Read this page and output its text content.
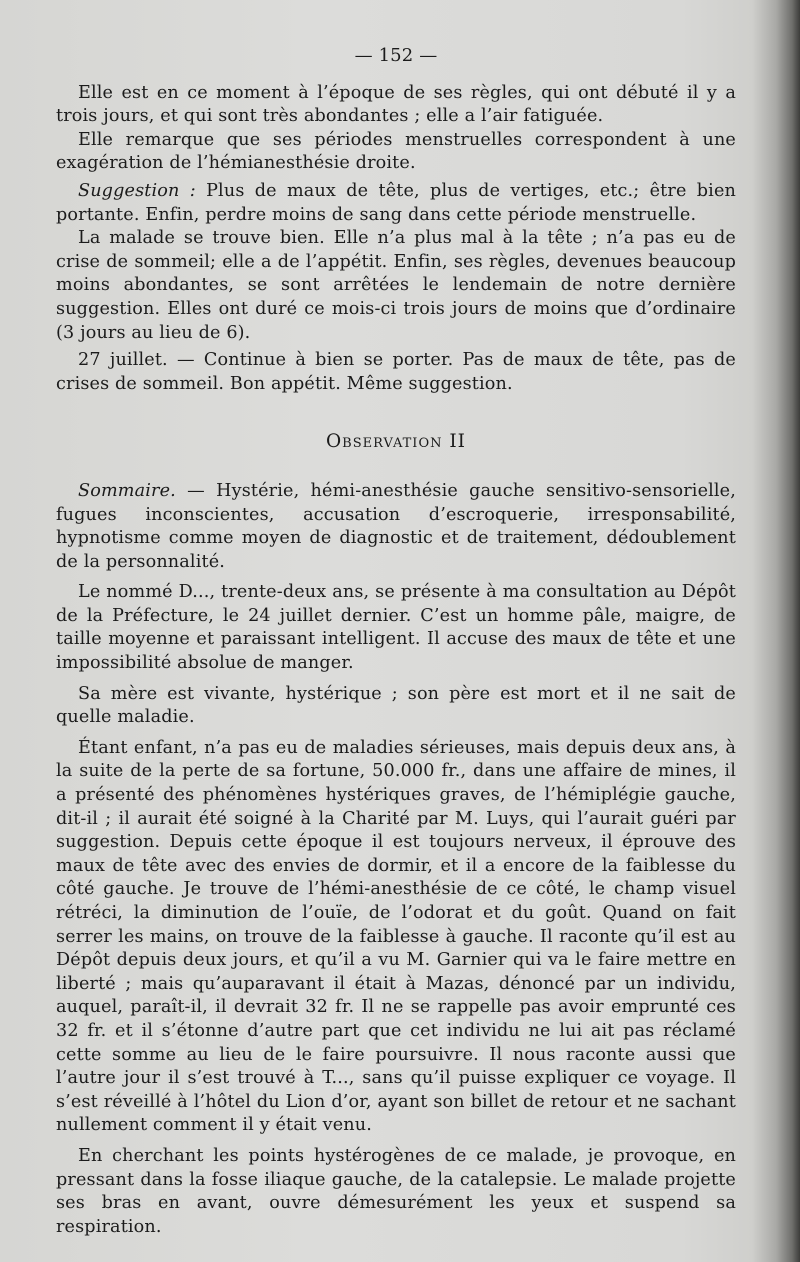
— 152 —

Elle est en ce moment à l’époque de ses règles, qui ont débuté il y a trois jours, et qui sont très abondantes ; elle a l’air fatiguée.

Elle remarque que ses périodes menstruelles correspondent à une exagération de l’hémianesthésie droite.

Suggestion : Plus de maux de tête, plus de vertiges, etc.; être bien portante. Enfin, perdre moins de sang dans cette période menstruelle.

La malade se trouve bien. Elle n’a plus mal à la tête ; n’a pas eu de crise de sommeil; elle a de l’appétit. Enfin, ses règles, devenues beaucoup moins abondantes, se sont arrêtées le lendemain de notre dernière suggestion. Elles ont duré ce mois-ci trois jours de moins que d’ordinaire (3 jours au lieu de 6).

27 juillet. — Continue à bien se porter. Pas de maux de tête, pas de crises de sommeil. Bon appétit. Même suggestion.

Observation II

Sommaire. — Hystérie, hémi-anesthésie gauche sensitivo-sensorielle, fugues inconscientes, accusation d’escroquerie, irresponsabilité, hypnotisme comme moyen de diagnostic et de traitement, dédoublement de la personnalité.

Le nommé D..., trente-deux ans, se présente à ma consultation au Dépôt de la Préfecture, le 24 juillet dernier. C’est un homme pâle, maigre, de taille moyenne et paraissant intelligent. Il accuse des maux de tête et une impossibilité absolue de manger.

Sa mère est vivante, hystérique ; son père est mort et il ne sait de quelle maladie.

Étant enfant, n’a pas eu de maladies sérieuses, mais depuis deux ans, à la suite de la perte de sa fortune, 50.000 fr., dans une affaire de mines, il a présenté des phénomènes hystériques graves, de l’hémiplégie gauche, dit-il ; il aurait été soigné à la Charité par M. Luys, qui l’aurait guéri par suggestion. Depuis cette époque il est toujours nerveux, il éprouve des maux de tête avec des envies de dormir, et il a encore de la faiblesse du côté gauche. Je trouve de l’hémi-anesthésie de ce côté, le champ visuel rétréci, la diminution de l’ouïe, de l’odorat et du goût. Quand on fait serrer les mains, on trouve de la faiblesse à gauche. Il raconte qu’il est au Dépôt depuis deux jours, et qu’il a vu M. Garnier qui va le faire mettre en liberté ; mais qu’auparavant il était à Mazas, dénoncé par un individu, auquel, paraît-il, il devrait 32 fr. Il ne se rappelle pas avoir emprunté ces 32 fr. et il s’étonne d’autre part que cet individu ne lui ait pas réclamé cette somme au lieu de le faire poursuivre. Il nous raconte aussi que l’autre jour il s’est trouvé à T..., sans qu’il puisse expliquer ce voyage. Il s’est réveillé à l’hôtel du Lion d’or, ayant son billet de retour et ne sachant nullement comment il y était venu.

En cherchant les points hystérogènes de ce malade, je provoque, en pressant dans la fosse iliaque gauche, de la catalepsie. Le malade projette ses bras en avant, ouvre démesurément les yeux et suspend sa respiration.
